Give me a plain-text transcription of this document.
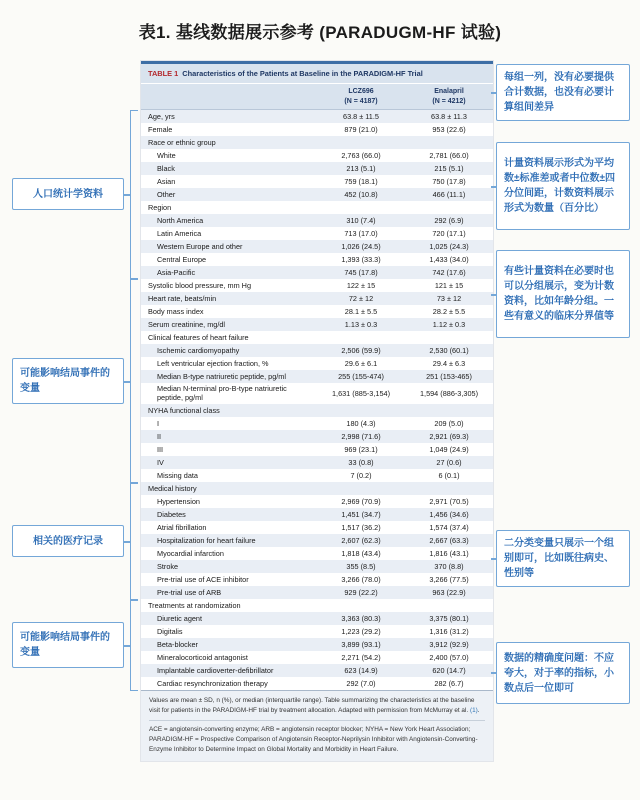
表1. 基线数据展示参考 (PARADUGM-HF 试验)
TABLE 1 Characteristics of the Patients at Baseline in the PARADIGM-HF Trial
LCZ696
(N = 4187)
Enalapril
(N = 4212)
Age, yrs	63.8 ± 11.5	63.8 ± 11.3
Female	879 (21.0)	953 (22.6)
Race or ethnic group
White	2,763 (66.0)	2,781 (66.0)
Black	213 (5.1)	215 (5.1)
Asian	759 (18.1)	750 (17.8)
Other	452 (10.8)	466 (11.1)
Region
North America	310 (7.4)	292 (6.9)
Latin America	713 (17.0)	720 (17.1)
Western Europe and other	1,026 (24.5)	1,025 (24.3)
Central Europe	1,393 (33.3)	1,433 (34.0)
Asia-Pacific	745 (17.8)	742 (17.6)
Systolic blood pressure, mm Hg	122 ± 15	121 ± 15
Heart rate, beats/min	72 ± 12	73 ± 12
Body mass index	28.1 ± 5.5	28.2 ± 5.5
Serum creatinine, mg/dl	1.13 ± 0.3	1.12 ± 0.3
Clinical features of heart failure
Ischemic cardiomyopathy	2,506 (59.9)	2,530 (60.1)
Left ventricular ejection fraction, %	29.6 ± 6.1	29.4 ± 6.3
Median B-type natriuretic peptide, pg/ml	255 (155-474)	251 (153-465)
Median N-terminal pro-B-type natriuretic peptide, pg/ml	1,631 (885-3,154)	1,594 (886-3,305)
NYHA functional class
I	180 (4.3)	209 (5.0)
II	2,998 (71.6)	2,921 (69.3)
III	969 (23.1)	1,049 (24.9)
IV	33 (0.8)	27 (0.6)
Missing data	7 (0.2)	6 (0.1)
Medical history
Hypertension	2,969 (70.9)	2,971 (70.5)
Diabetes	1,451 (34.7)	1,456 (34.6)
Atrial fibrillation	1,517 (36.2)	1,574 (37.4)
Hospitalization for heart failure	2,607 (62.3)	2,667 (63.3)
Myocardial infarction	1,818 (43.4)	1,816 (43.1)
Stroke	355 (8.5)	370 (8.8)
Pre-trial use of ACE inhibitor	3,266 (78.0)	3,266 (77.5)
Pre-trial use of ARB	929 (22.2)	963 (22.9)
Treatments at randomization
Diuretic agent	3,363 (80.3)	3,375 (80.1)
Digitalis	1,223 (29.2)	1,316 (31.2)
Beta-blocker	3,899 (93.1)	3,912 (92.9)
Mineralocorticoid antagonist	2,271 (54.2)	2,400 (57.0)
Implantable cardioverter-defibrillator	623 (14.9)	620 (14.7)
Cardiac resynchronization therapy	292 (7.0)	282 (6.7)
Values are mean ± SD, n (%), or median (interquartile range). Table summarizing the characteristics at the baseline visit for patients in the PARADIGM-HF trial by treatment allocation. Adapted with permission from McMurray et al. (1).
ACE = angiotensin-converting enzyme; ARB = angiotensin receptor blocker; NYHA = New York Heart Association; PARADIGM-HF = Prospective Comparison of Angiotensin Receptor-Neprilysin Inhibitor with Angiotensin-Converting-Enzyme Inhibitor to Determine Impact on Global Mortality and Morbidity in Heart Failure.
人口统计学资料
可能影响结局事件的变量
相关的医疗记录
可能影响结局事件的变量
每组一列，没有必要提供合计数据，也没有必要计算组间差异
计量资料展示形式为平均数±标准差或者中位数±四分位间距，计数资料展示形式为数量（百分比）
有些计量资料在必要时也可以分组展示，变为计数资料，比如年龄分组。一些有意义的临床分界值等
二分类变量只展示一个组别即可，比如既往病史、性别等
数据的精确度问题：不应夸大，对于率的指标，小数点后一位即可
